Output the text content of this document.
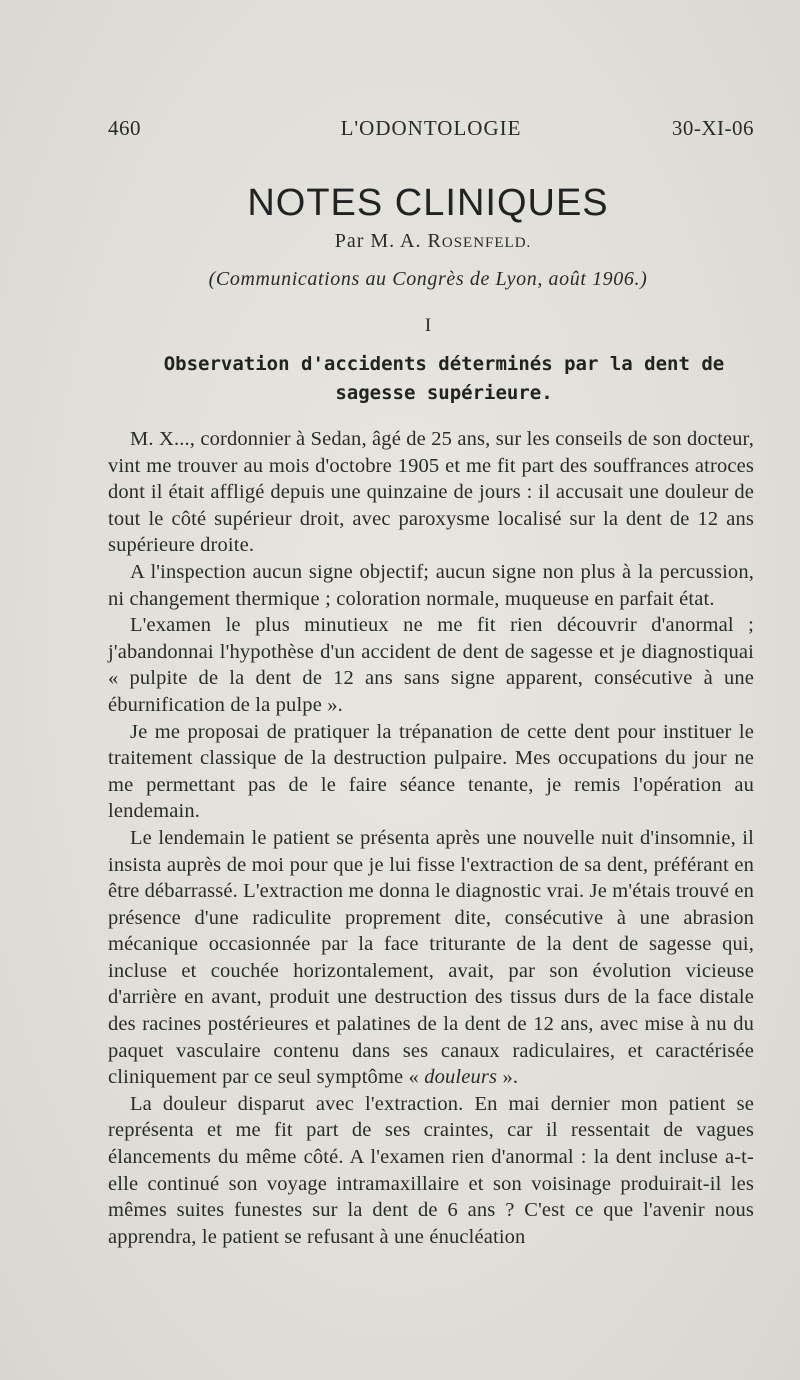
460	L'ODONTOLOGIE	30-XI-06
NOTES CLINIQUES
Par M. A. ROSENFELD.
(Communications au Congrès de Lyon, août 1906.)
I
Observation d'accidents déterminés par la dent de sagesse supérieure.

M. X..., cordonnier à Sedan, âgé de 25 ans, sur les conseils de son docteur, vint me trouver au mois d'octobre 1905 et me fit part des souffrances atroces dont il était affligé depuis une quinzaine de jours : il accusait une douleur de tout le côté supérieur droit, avec paroxysme localisé sur la dent de 12 ans supérieure droite.

A l'inspection aucun signe objectif; aucun signe non plus à la percussion, ni changement thermique ; coloration normale, muqueuse en parfait état.

L'examen le plus minutieux ne me fit rien découvrir d'anormal ; j'abandonnai l'hypothèse d'un accident de dent de sagesse et je diagnostiquai « pulpite de la dent de 12 ans sans signe apparent, consécutive à une éburnification de la pulpe ».

Je me proposai de pratiquer la trépanation de cette dent pour instituer le traitement classique de la destruction pulpaire. Mes occupations du jour ne me permettant pas de le faire séance tenante, je remis l'opération au lendemain.

Le lendemain le patient se présenta après une nouvelle nuit d'insomnie, il insista auprès de moi pour que je lui fisse l'extraction de sa dent, préférant en être débarrassé. L'extraction me donna le diagnostic vrai. Je m'étais trouvé en présence d'une radiculite proprement dite, consécutive à une abrasion mécanique occasionnée par la face triturante de la dent de sagesse qui, incluse et couchée horizontalement, avait, par son évolution vicieuse d'arrière en avant, produit une destruction des tissus durs de la face distale des racines postérieures et palatines de la dent de 12 ans, avec mise à nu du paquet vasculaire contenu dans ses canaux radiculaires, et caractérisée cliniquement par ce seul symptôme « douleurs ».

La douleur disparut avec l'extraction. En mai dernier mon patient se représenta et me fit part de ses craintes, car il ressentait de vagues élancements du même côté. A l'examen rien d'anormal : la dent incluse a-t-elle continué son voyage intramaxillaire et son voisinage produirait-il les mêmes suites funestes sur la dent de 6 ans ? C'est ce que l'avenir nous apprendra, le patient se refusant à une énucléation
